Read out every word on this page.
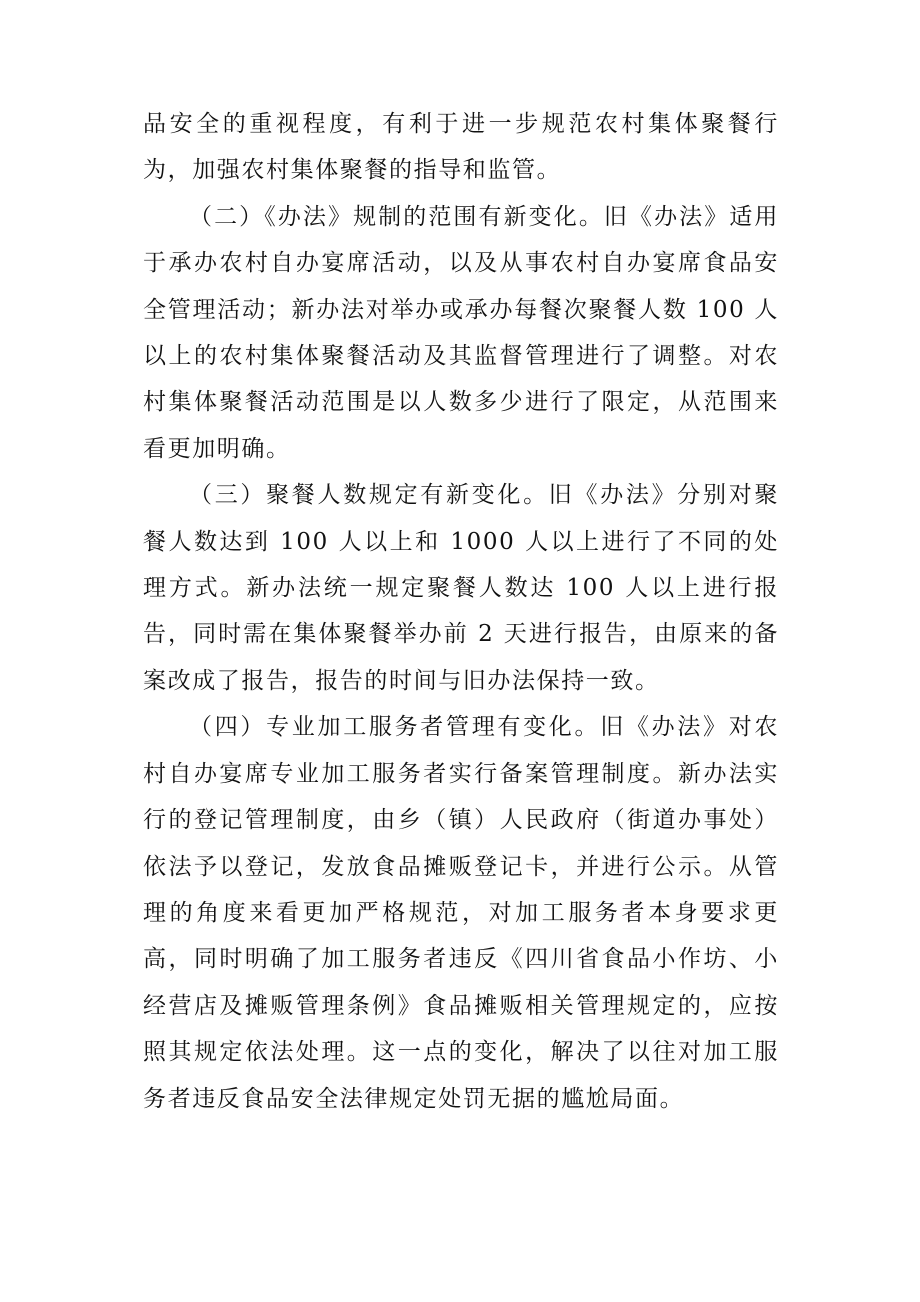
品安全的重视程度，有利于进一步规范农村集体聚餐行为，加强农村集体聚餐的指导和监管。

（二）《办法》规制的范围有新变化。旧《办法》适用于承办农村自办宴席活动，以及从事农村自办宴席食品安全管理活动；新办法对举办或承办每餐次聚餐人数 100 人以上的农村集体聚餐活动及其监督管理进行了调整。对农村集体聚餐活动范围是以人数多少进行了限定，从范围来看更加明确。

（三）聚餐人数规定有新变化。旧《办法》分别对聚餐人数达到 100 人以上和 1000 人以上进行了不同的处理方式。新办法统一规定聚餐人数达 100 人以上进行报告，同时需在集体聚餐举办前 2 天进行报告，由原来的备案改成了报告，报告的时间与旧办法保持一致。

（四）专业加工服务者管理有变化。旧《办法》对农村自办宴席专业加工服务者实行备案管理制度。新办法实行的登记管理制度，由乡（镇）人民政府（街道办事处）依法予以登记，发放食品摊贩登记卡，并进行公示。从管理的角度来看更加严格规范，对加工服务者本身要求更高，同时明确了加工服务者违反《四川省食品小作坊、小经营店及摊贩管理条例》食品摊贩相关管理规定的，应按照其规定依法处理。这一点的变化，解决了以往对加工服务者违反食品安全法律规定处罚无据的尴尬局面。
